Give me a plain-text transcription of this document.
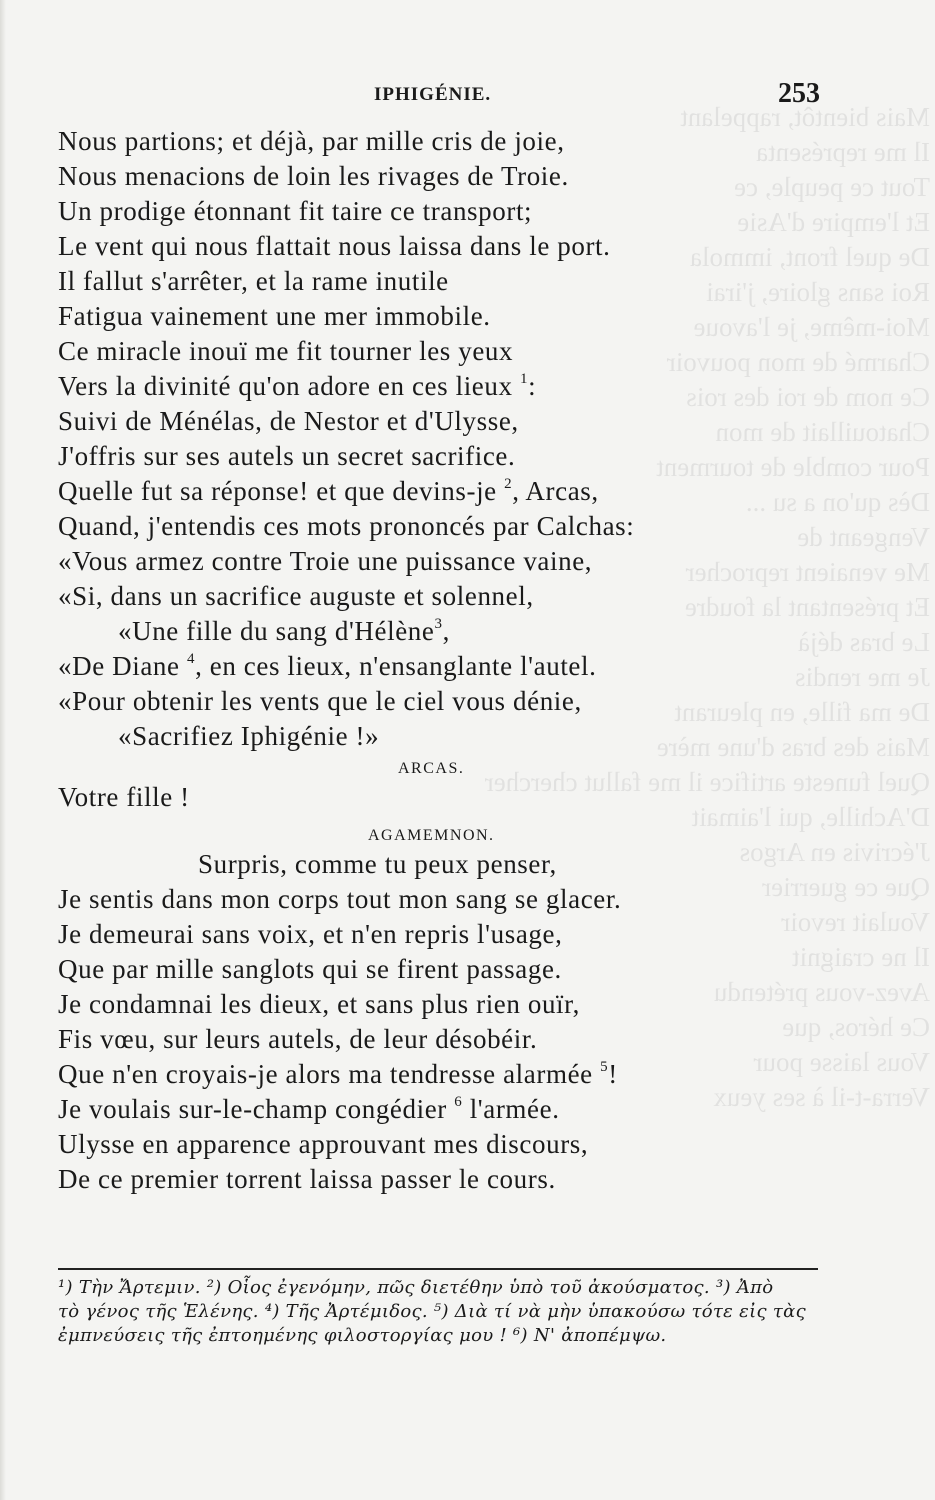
Mais bientôt, rappelant
Il me représenta
Tout ce peuple, ce
Et l'empire d'Asie
De quel front, immola
Roi sans gloire, j'irai
Moi-même, je l'avoue
Charmé de mon pouvoir
Ce nom de roi des rois
Chatouillait de mon
Pour comble de tourment
Dès qu'on a su ...
Vengeant de
Me venaient reprocher
Et présentant la foudre
Le bras déjà
Je me rendis
De ma fille, en pleurant
Mais des bras d'une mère
Quel funeste artifice il me fallut chercher
D'Achille, qui l'aimait
J'écrivis en Argos
Que ce guerrier
Voulait revoir
Il ne craignit
Avez-vous prétendu
Ce héros, que
Vous laisse pour
Verra-t-il à ses yeux
IPHIGÉNIE.	253
Nous partions; et déjà, par mille cris de joie,
Nous menacions de loin les rivages de Troie.
Un prodige étonnant fit taire ce transport;
Le vent qui nous flattait nous laissa dans le port.
Il fallut s'arrêter, et la rame inutile
Fatigua vainement une mer immobile.
Ce miracle inouï me fit tourner les yeux
Vers la divinité qu'on adore en ces lieux $^1$:
Suivi de Ménélas, de Nestor et d'Ulysse,
J'offris sur ses autels un secret sacrifice.
Quelle fut sa réponse! et que devins-je $^2$, Arcas,
Quand, j'entendis ces mots prononcés par Calchas:
«Vous armez contre Troie une puissance vaine,
«Si, dans un sacrifice auguste et solennel,
«Une fille du sang d'Hélène$^3$,
«De Diane $^4$, en ces lieux, n'ensanglante l'autel.
«Pour obtenir les vents que le ciel vous dénie,
«Sacrifiez Iphigénie !»
ARCAS.
Votre fille !
AGAMEMNON.
Surpris, comme tu peux penser,
Je sentis dans mon corps tout mon sang se glacer.
Je demeurai sans voix, et n'en repris l'usage,
Que par mille sanglots qui se firent passage.
Je condamnai les dieux, et sans plus rien ouïr,
Fis vœu, sur leurs autels, de leur désobéir.
Que n'en croyais-je alors ma tendresse alarmée $^5$!
Je voulais sur-le-champ congédier $^6$ l'armée.
Ulysse en apparence approuvant mes discours,
De ce premier torrent laissa passer le cours.
¹) Τὴν Ἄρτεμιν. ²) Οἷος ἐγενόμην, πῶς διετέθην ὑπὸ τοῦ ἀκούσματος. ³) Ἀπὸ
τὸ γένος τῆς Ἑλένης. ⁴) Τῆς Ἀρτέμιδος. ⁵) Διὰ τί νὰ μὴν ὑπακούσω τότε εἰς τὰς
ἐμπνεύσεις τῆς ἐπτοημένης φιλοστοργίας μου ! ⁶) Ν' ἀποπέμψω.
